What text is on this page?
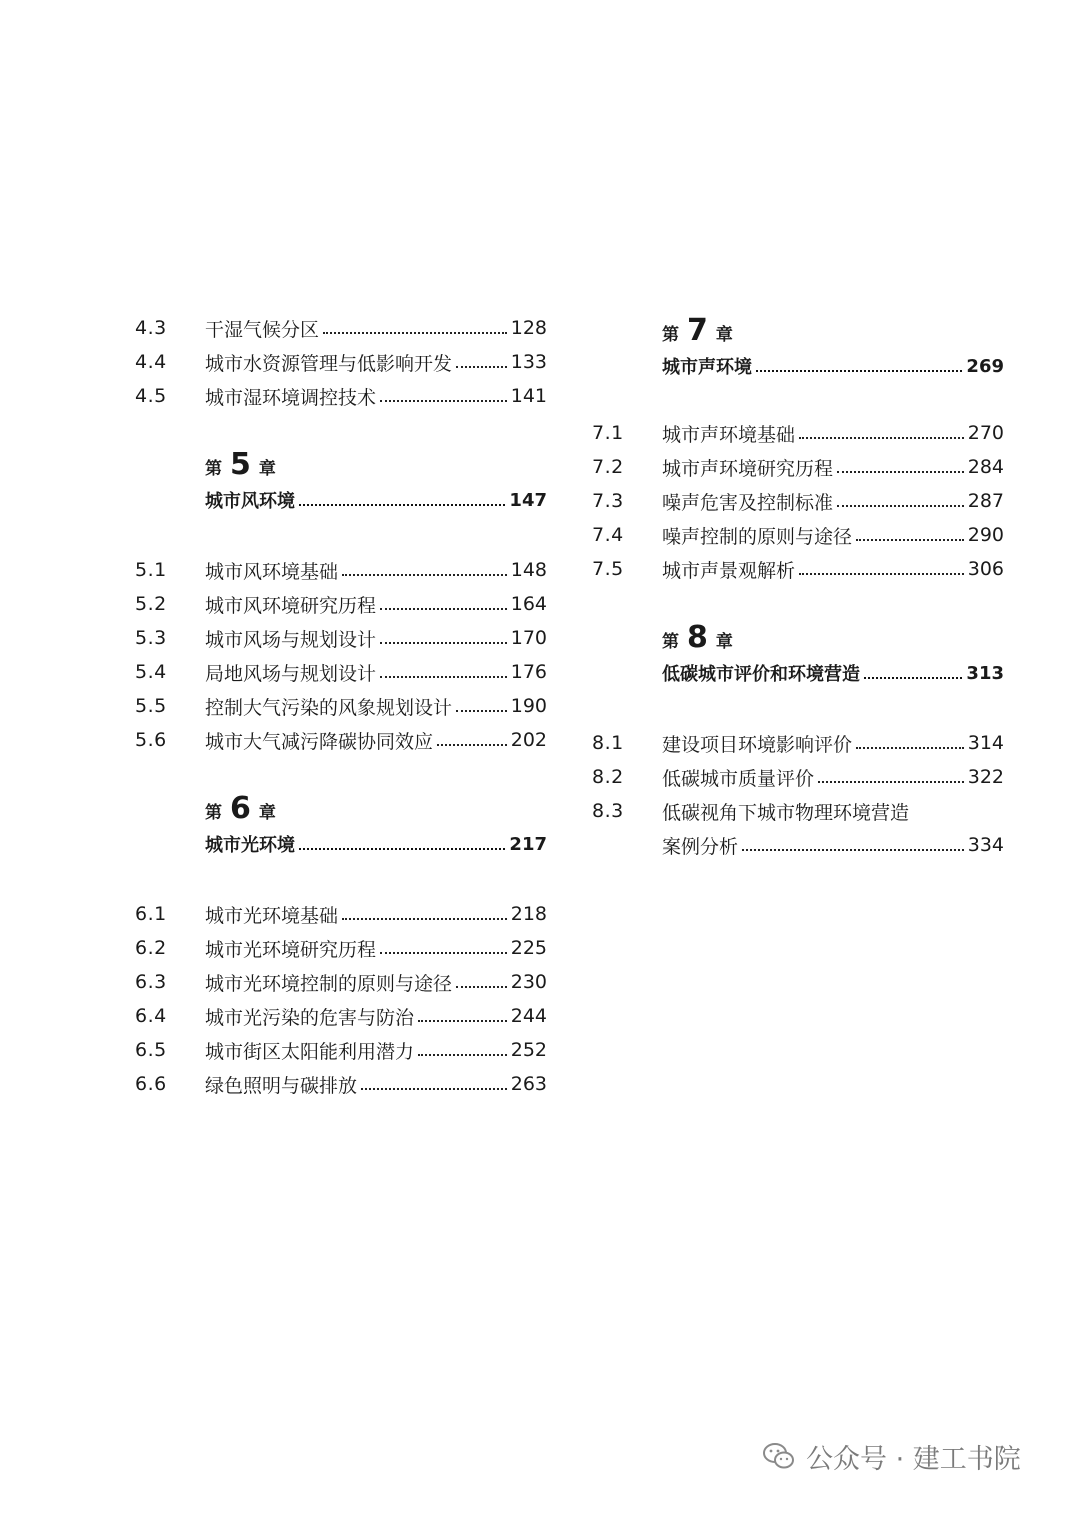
4.3	干湿气候分区	128
4.4	城市水资源管理与低影响开发	133
4.5	城市湿环境调控技术	141
第 5 章
城市风环境	147
5.1	城市风环境基础	148
5.2	城市风环境研究历程	164
5.3	城市风场与规划设计	170
5.4	局地风场与规划设计	176
5.5	控制大气污染的风象规划设计	190
5.6	城市大气减污降碳协同效应	202
第 6 章
城市光环境	217
6.1	城市光环境基础	218
6.2	城市光环境研究历程	225
6.3	城市光环境控制的原则与途径	230
6.4	城市光污染的危害与防治	244
6.5	城市街区太阳能利用潜力	252
6.6	绿色照明与碳排放	263
第 7 章
城市声环境	269
7.1	城市声环境基础	270
7.2	城市声环境研究历程	284
7.3	噪声危害及控制标准	287
7.4	噪声控制的原则与途径	290
7.5	城市声景观解析	306
第 8 章
低碳城市评价和环境营造	313
8.1	建设项目环境影响评价	314
8.2	低碳城市质量评价	322
8.3	低碳视角下城市物理环境营造
案例分析	334
公众号 · 建工书院
